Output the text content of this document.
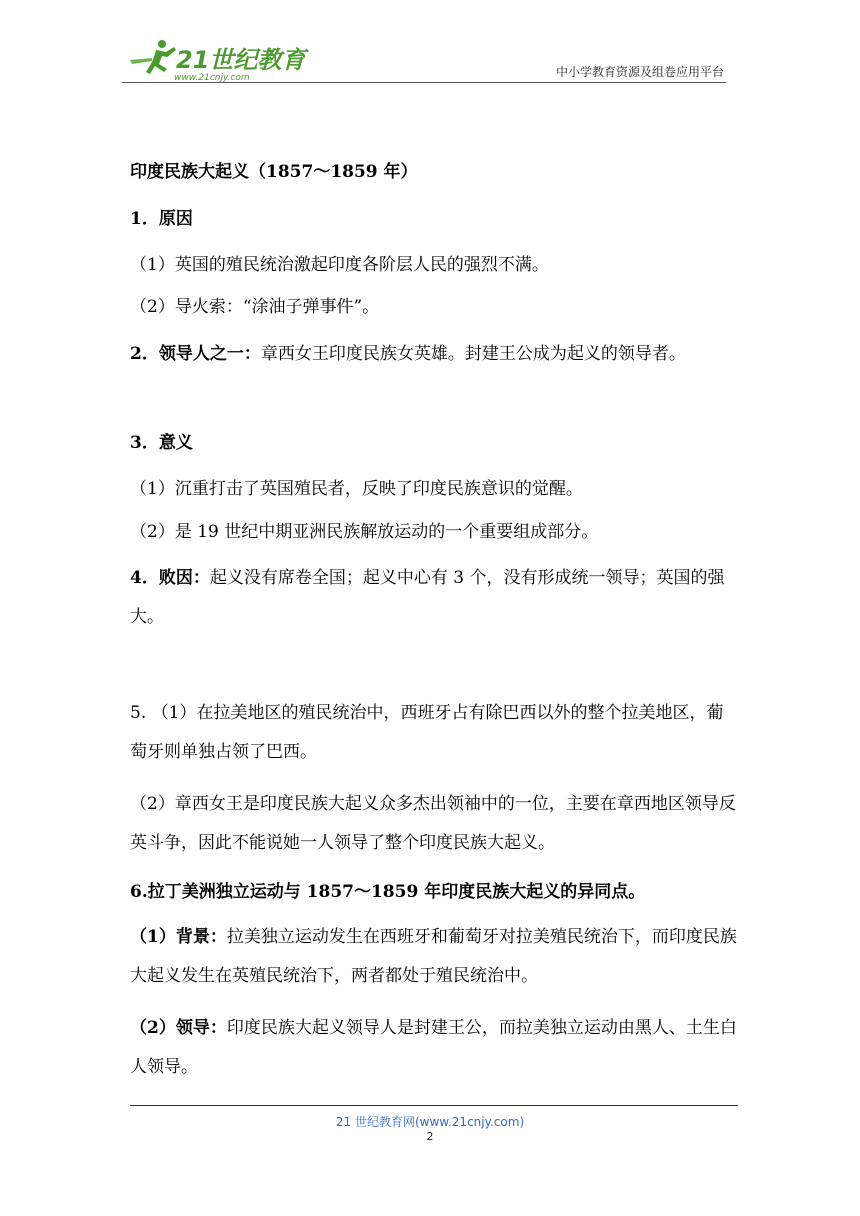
21世纪教育
www.21cnjy.com	中小学教育资源及组卷应用平台
印度民族大起义（1857～1859 年）
1．原因
（1）英国的殖民统治激起印度各阶层人民的强烈不满。
（2）导火索：“涂油子弹事件”。
2．领导人之一：章西女王印度民族女英雄。封建王公成为起义的领导者。
3．意义
（1）沉重打击了英国殖民者，反映了印度民族意识的觉醒。
（2）是 19 世纪中期亚洲民族解放运动的一个重要组成部分。
4．败因：起义没有席卷全国；起义中心有 3 个，没有形成统一领导；英国的强大。
5. （1）在拉美地区的殖民统治中，西班牙占有除巴西以外的整个拉美地区，葡萄牙则单独占领了巴西。
（2）章西女王是印度民族大起义众多杰出领袖中的一位，主要在章西地区领导反英斗争，因此不能说她一人领导了整个印度民族大起义。
6.拉丁美洲独立运动与 1857～1859 年印度民族大起义的异同点。
（1）背景：拉美独立运动发生在西班牙和葡萄牙对拉美殖民统治下，而印度民族大起义发生在英殖民统治下，两者都处于殖民统治中。
（2）领导：印度民族大起义领导人是封建王公，而拉美独立运动由黑人、土生白人领导。
21 世纪教育网(www.21cnjy.com)
2
